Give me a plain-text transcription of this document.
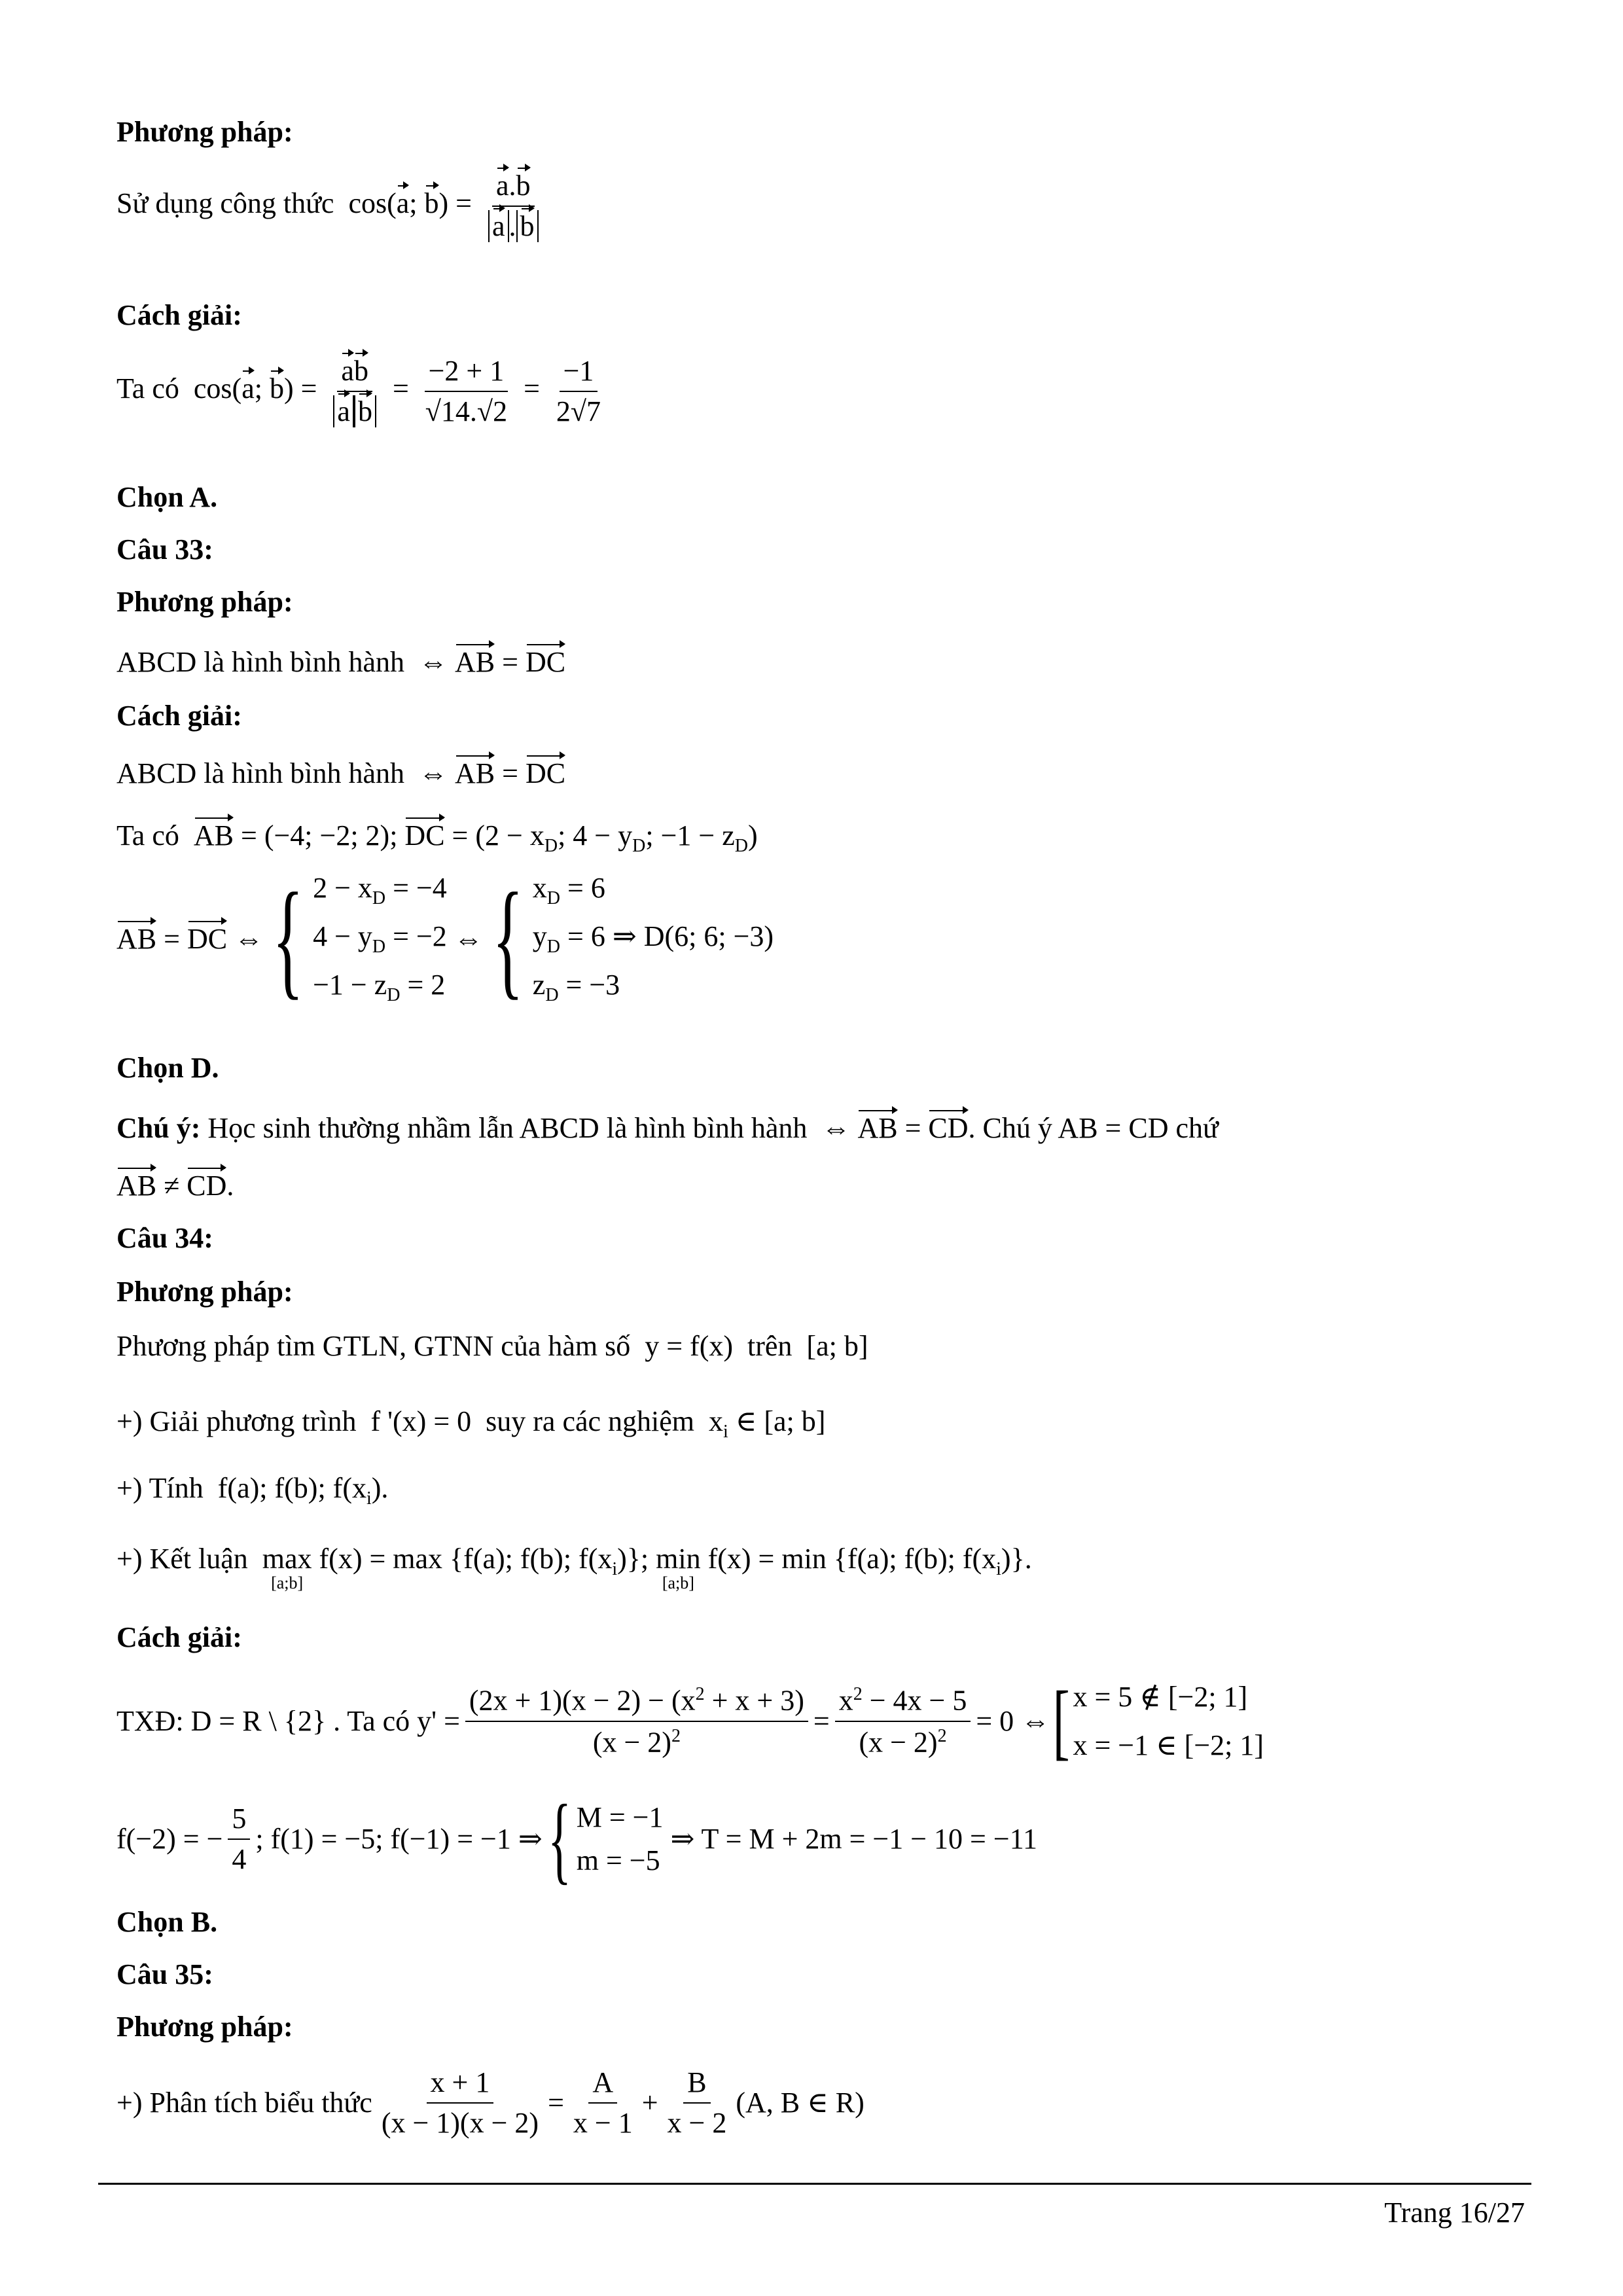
Phương pháp:
Sử dụng công thức  cos(a; $b) = \frac{a.b}{a . b}$
Cách giải:
Ta có  cos(a; $b) = \frac{ab}{\text{a b}} = \frac{-2 + 1}{√14.√2} = \frac{-1}{2√7}$
Chọn A.
Câu 33:
Phương pháp:
ABCD là hình bình hành  ⇔ AB = DC
Cách giải:
ABCD là hình bình hành  ⇔ AB = DC
Ta có AB = (−4; −2; 2); DC = ($2 - x_D$; $4 - y_D$; $-1 - z_D$)
AB = DC ⇔ { $2 - x_D = -4$
$4 - y_D = -2$
$-1 - z_D = 2$
⇔ { $x_D = 6$
$y_D = 6$ ⇒ D(6; 6; −3)
$z_D = -3$
Chọn D.
Chú ý: Học sinh thường nhầm lẫn ABCD là hình bình hành  ⇔ AB = CD. Chú ý AB = CD chứ
AB ≠ CD.
Câu 34:
Phương pháp:
Phương pháp tìm GTLN, GTNN của hàm số  y = f(x)  trên  [a; b]
+) Giải phương trình  f '(x) = 0  suy ra các nghiệm  $x_i$ ∈ [a; b]
+) Tính  f(a); f(b); $f(x_i)$.
+) Kết luận max
[a;b]
f(x) = max {f(a); f(b); $f(x_i)$}; min
[a;b]
f(x) = min {f(a); f(b); $f(x_i)$}.
Cách giải:
TXĐ: D = R \ {2} . Ta có $y' = \frac{(2x + 1)(x - 2) - (x^2 + x + 3)}{(x - 2)^2} = \frac{x^2 - 4x - 5}{(x - 2)^2} = 0$ ⇔ [ x = 5 ∉ [−2; 1]
x = −1 ∈ [−2; 1]
f(−2) = − $\frac{5}{4}$ ; f(1) = −5; f(−1) = −1 ⇒ { M = −1
m = −5
⇒ T = M + 2m = −1 − 10 = −11
Chọn B.
Câu 35:
Phương pháp:
+) Phân tích biểu thức $\frac{x + 1}{(x - 1)(x - 2)} = \frac{A}{x - 1} + \frac{B}{x - 2} (A$, B ∈ R)
Trang 16/27
